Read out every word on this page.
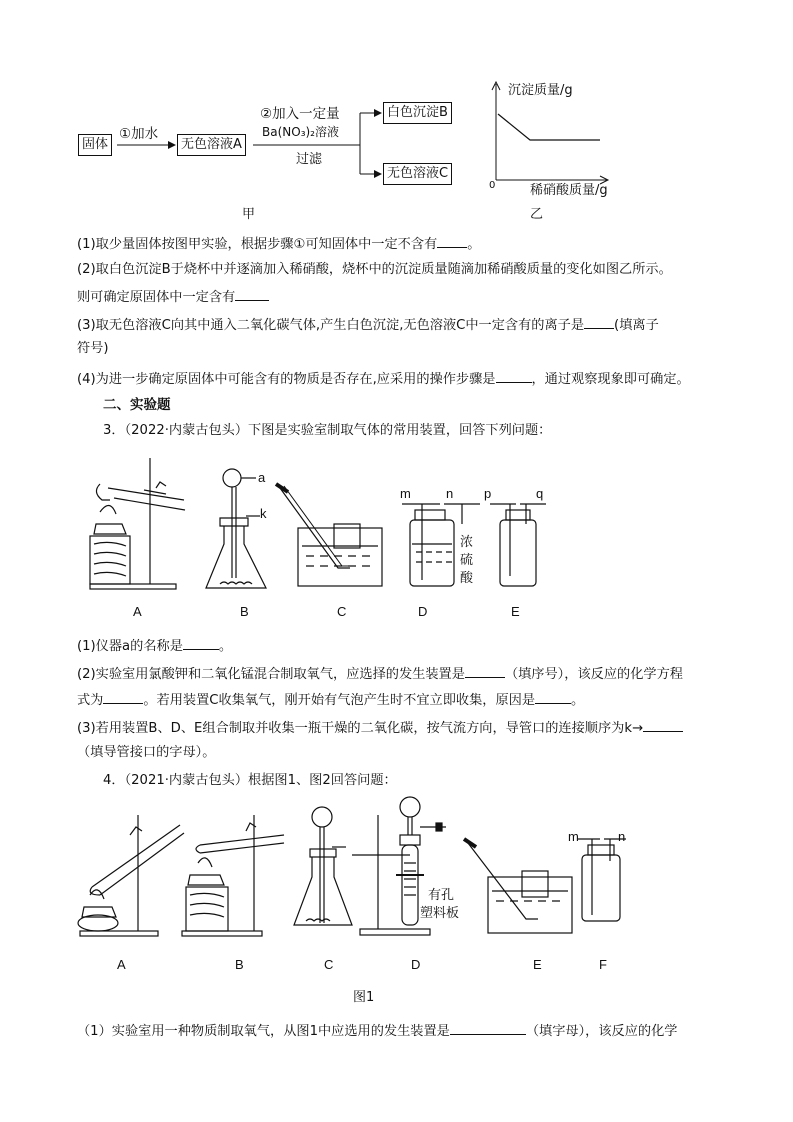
固体
①加水
无色溶液A
②加入一定量
Ba(NO₃)₂溶液
过滤
白色沉淀B
无色溶液C
甲
沉淀质量/g
0	稀硝酸质量/g
乙
(1)取少量固体按图甲实验，根据步骤①可知固体中一定不含有 。
(2)取白色沉淀B于烧杯中并逐滴加入稀硝酸，烧杯中的沉淀质量随滴加稀硝酸质量的变化如图乙所示。
则可确定原固体中一定含有
(3)取无色溶液C向其中通入二氧化碳气体,产生白色沉淀,无色溶液C中一定含有的离子是 (填离子
符号)
(4)为进一步确定原固体中可能含有的物质是否存在,应采用的操作步骤是	，通过观察现象即可确定。
二、实验题
3．（2022·内蒙古包头）下图是实验室制取气体的常用装置，回答下列问题：
a
k
m	n p	q
浓
硫
酸
A	B	C	D	E
(1)仪器a的名称是	。
(2)实验室用氯酸钾和二氧化锰混合制取氧气，应选择的发生装置是	（填序号），该反应的化学方程
式为	。若用装置C收集氧气，刚开始有气泡产生时不宜立即收集，原因是	。
(3)若用装置B、D、E组合制取并收集一瓶干燥的二氧化碳，按气流方向，导管口的连接顺序为k→
（填导管接口的字母）。
4．（2021·内蒙古包头）根据图1、图2回答问题：
m	n
有孔
塑料板
A	B	C	D	E	F
图1
（1）实验室用一种物质制取氧气，从图1中应选用的发生装置是	（填字母），该反应的化学
